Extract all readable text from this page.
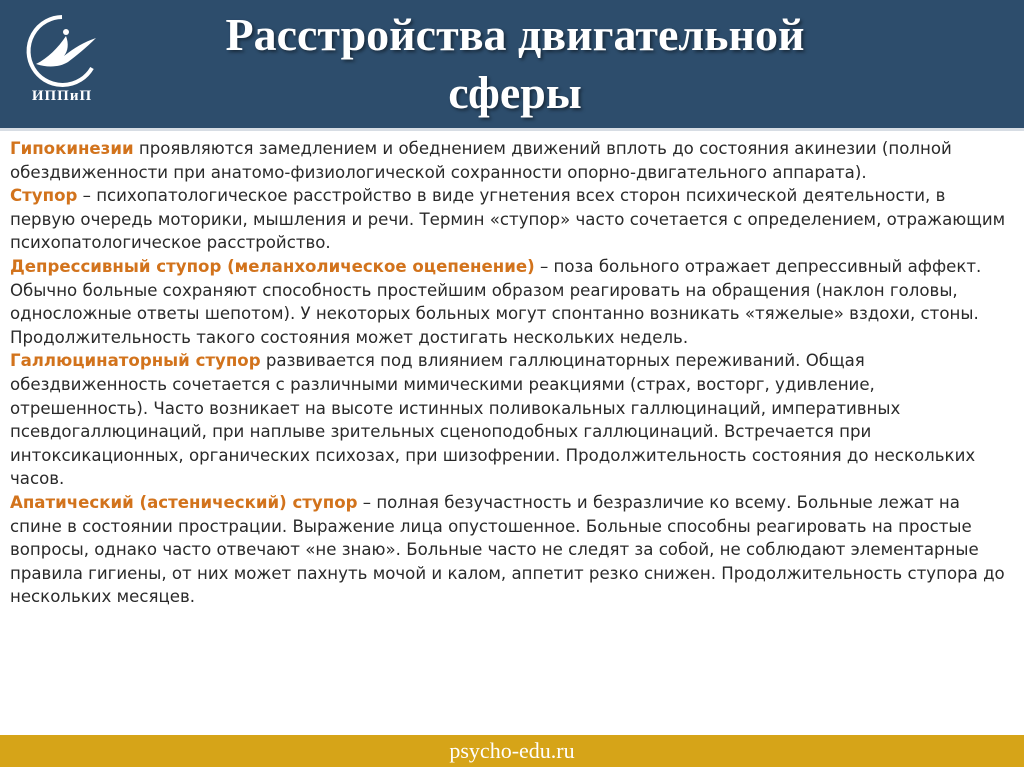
ИППиП
Расстройства двигательной
сферы

Гипокинезии проявляются замедлением и обеднением движений вплоть до состояния акинезии (полной обездвиженности при анатомо-физиологической сохранности опорно-двигательного аппарата).

Ступор – психопатологическое расстройство в виде угнетения всех сторон психической деятельности, в первую очередь моторики, мышления и речи. Термин «ступор» часто сочетается с определением, отражающим психопатологическое расстройство.

Депрессивный ступор (меланхолическое оцепенение) – поза больного отражает депрессивный аффект. Обычно больные сохраняют способность простейшим образом реагировать на обращения (наклон головы, односложные ответы шепотом). У некоторых больных могут спонтанно возникать «тяжелые» вздохи, стоны. Продолжительность такого состояния может достигать нескольких недель.

Галлюцинаторный ступор развивается под влиянием галлюцинаторных переживаний. Общая обездвиженность сочетается с различными мимическими реакциями (страх, восторг, удивление, отрешенность). Часто возникает на высоте истинных поливокальных галлюцинаций, императивных псевдогаллюцинаций, при наплыве зрительных сценоподобных галлюцинаций. Встречается при интоксикационных, органических психозах, при шизофрении. Продолжительность состояния до нескольких часов.

Апатический (астенический) ступор – полная безучастность и безразличие ко всему. Больные лежат на спине в состоянии прострации. Выражение лица опустошенное. Больные способны реагировать на простые вопросы, однако часто отвечают «не знаю». Больные часто не следят за собой, не соблюдают элементарные правила гигиены, от них может пахнуть мочой и калом, аппетит резко снижен. Продолжительность ступора до нескольких месяцев.

psycho-edu.ru
